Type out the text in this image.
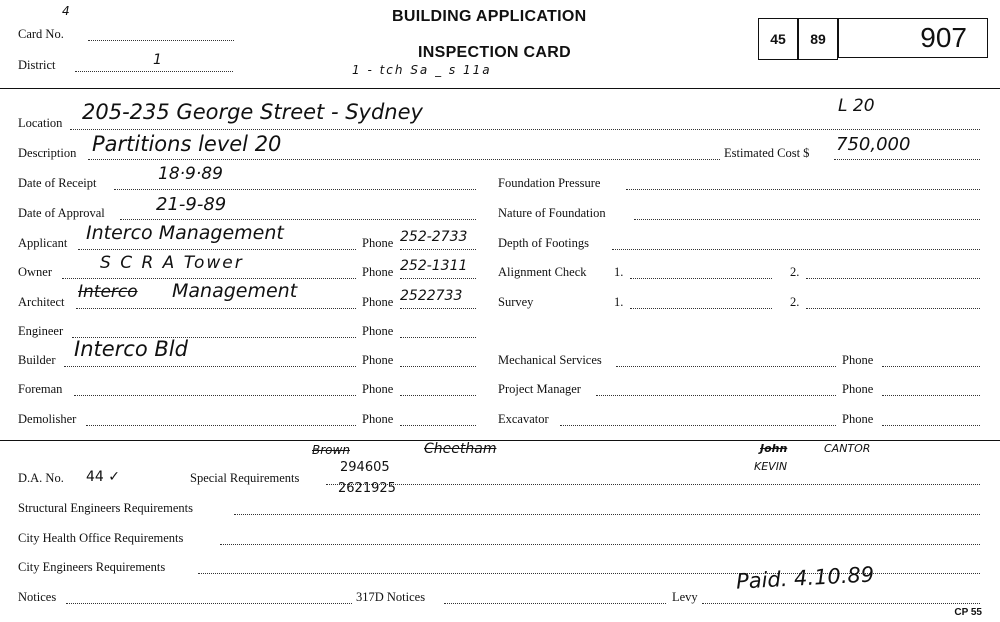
Card No.
4
District	1
1 - tch Sa _ s 11a
BUILDING APPLICATION
INSPECTION CARD
45	89	907
Location 205-235 George Street - Sydney	L 20
Description Partitions level 20	Estimated Cost $ 750,000
Date of Receipt	18·9·89
Date of Approval	21-9-89
Applicant Interco Management	Phone 252-2733
Owner	S C R A Tower	Phone 252-1311
Architect Interco Management	Phone 2522733
Engineer	Phone
Builder Interco Bld	Phone
Foreman	Phone
Demolisher	Phone
Foundation Pressure
Nature of Foundation
Depth of Footings
Alignment Check 1.	2.
Survey	1.	2.
Mechanical Services	Phone
Project Manager	Phone
Excavator	Phone
Brown	Cheetham	John	CANTOR
KEVIN
D.A. No. 44 ✓	Special Requirements
294605
2621925
Structural Engineers Requirements
City Health Office Requirements
City Engineers Requirements
Notices	317D Notices	Levy
Paid. 4.10.89
CP 55
